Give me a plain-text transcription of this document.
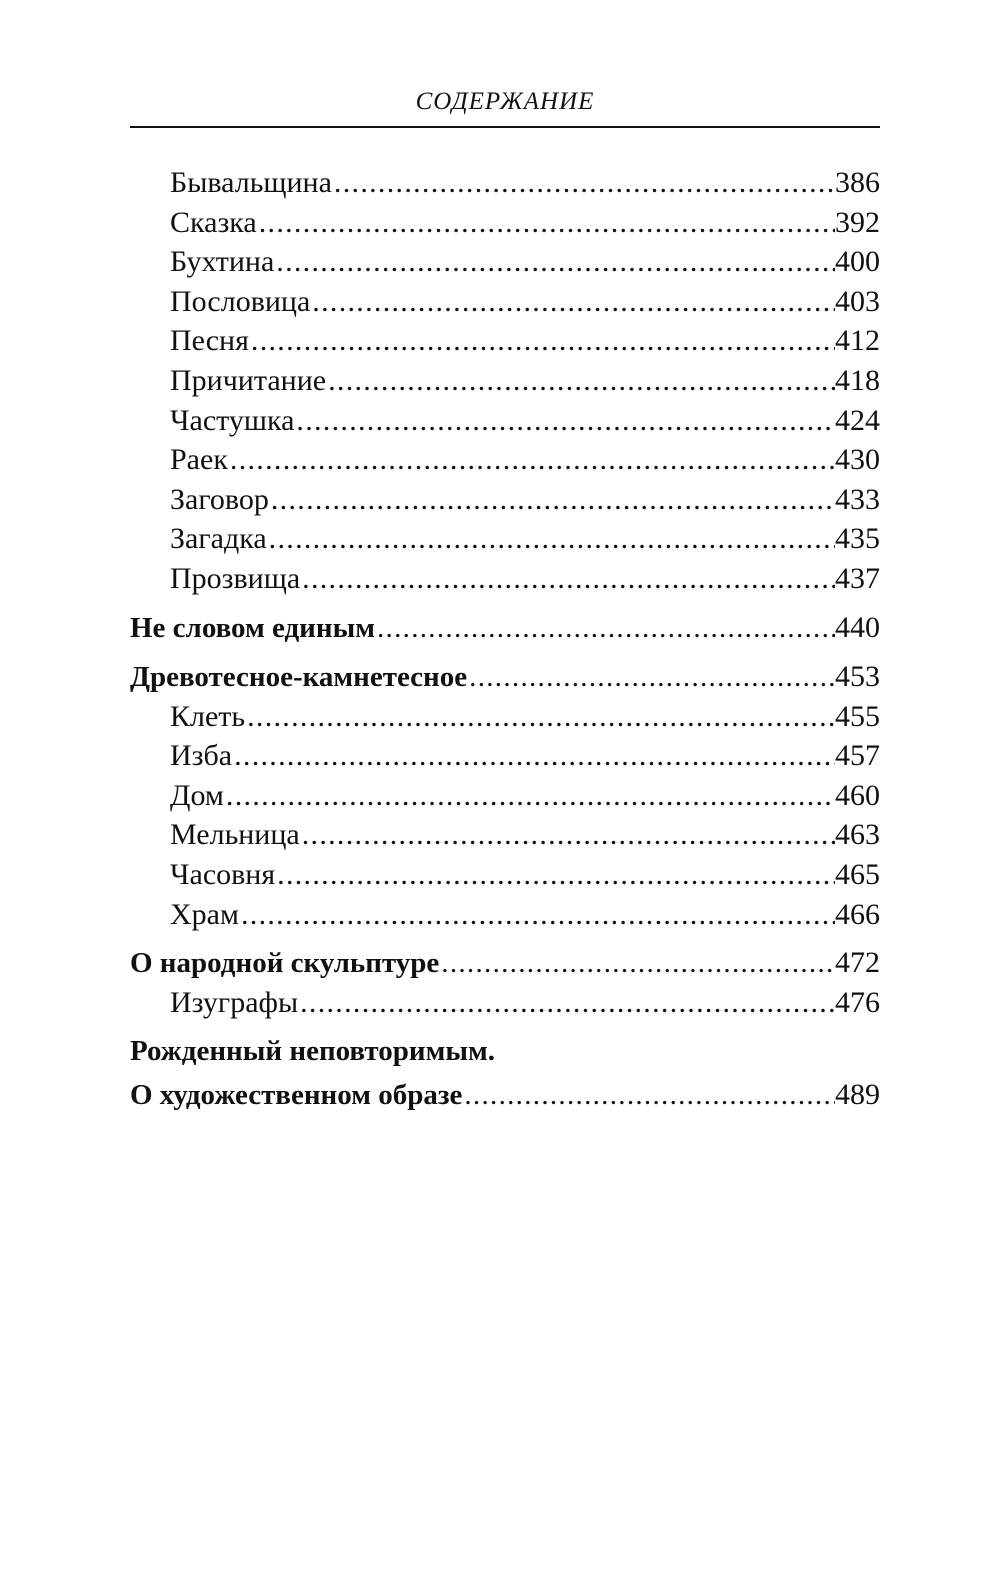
СОДЕРЖАНИЕ
Бывальщина .....	386
Сказка .....	392
Бухтина .....	400
Пословица .....	403
Песня .....	412
Причитание .....	418
Частушка .....	424
Раек .....	430
Заговор .....	433
Загадка .....	435
Прозвища .....	437
Не словом единым .....	440
Древотесное-камнетесное .....	453
Клеть .....	455
Изба .....	457
Дом .....	460
Мельница .....	463
Часовня .....	465
Храм .....	466
О народной скульптуре .....	472
Изуграфы .....	476
Рожденный неповторимым.
О художественном образе .....	489
